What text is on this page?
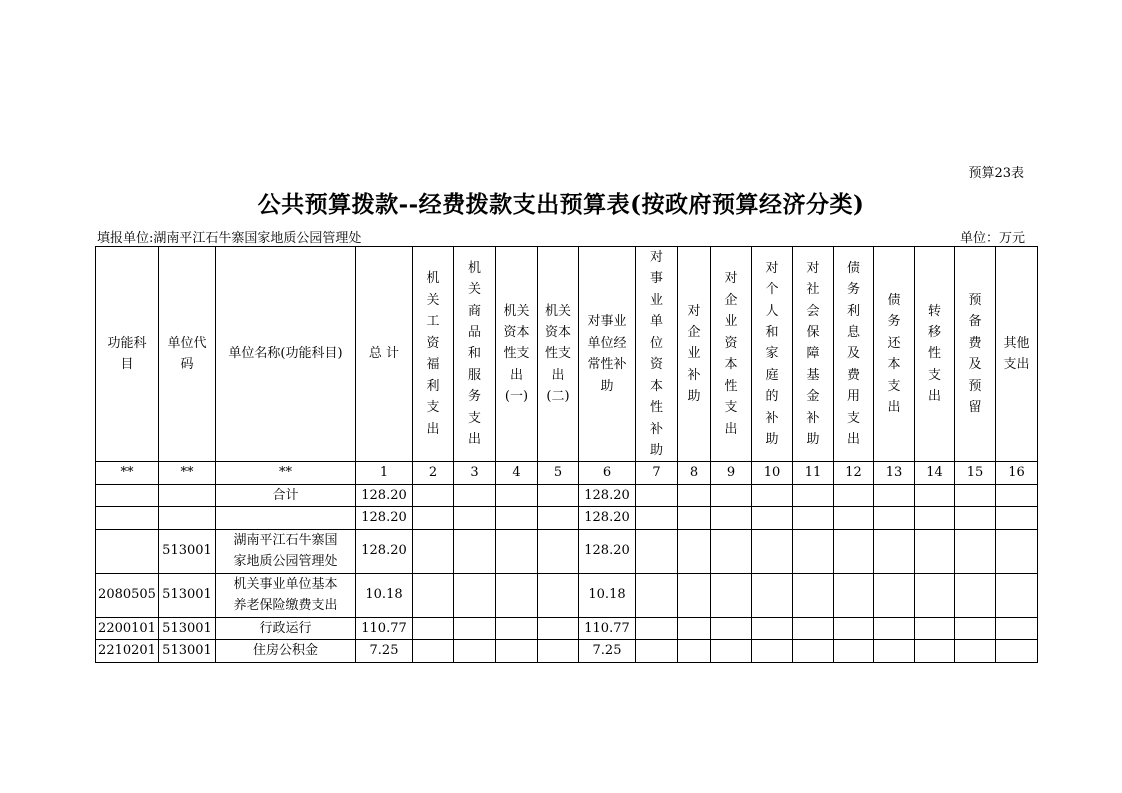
预算23表
公共预算拨款--经费拨款支出预算表(按政府预算经济分类)
填报单位:湖南平江石牛寨国家地质公园管理处	单位：万元
功能科目	单位代码	单位名称(功能科目)	总 计	机关工资福利支出	机关商品和服务支出	机关资本性支出(一)	机关资本性支出(二)	对事业单位经常性补助	对事业单位资本性补助	对企业补助	对企业资本性支出	对个人和家庭的补助	对社会保障基金补助	债务利息及费用支出	债务还本支出	转移性支出	预备费及预留	其他支出
**	**	**	1	2	3	4	5	6	7	8	9	10	11	12	13	14	15	16
		合计	128.20					128.20										
			128.20					128.20										
	513001	湖南平江石牛寨国家地质公园管理处	128.20					128.20										
2080505	513001	机关事业单位基本养老保险缴费支出	10.18					10.18										
2200101	513001	行政运行	110.77					110.77										
2210201	513001	住房公积金	7.25					7.25										
